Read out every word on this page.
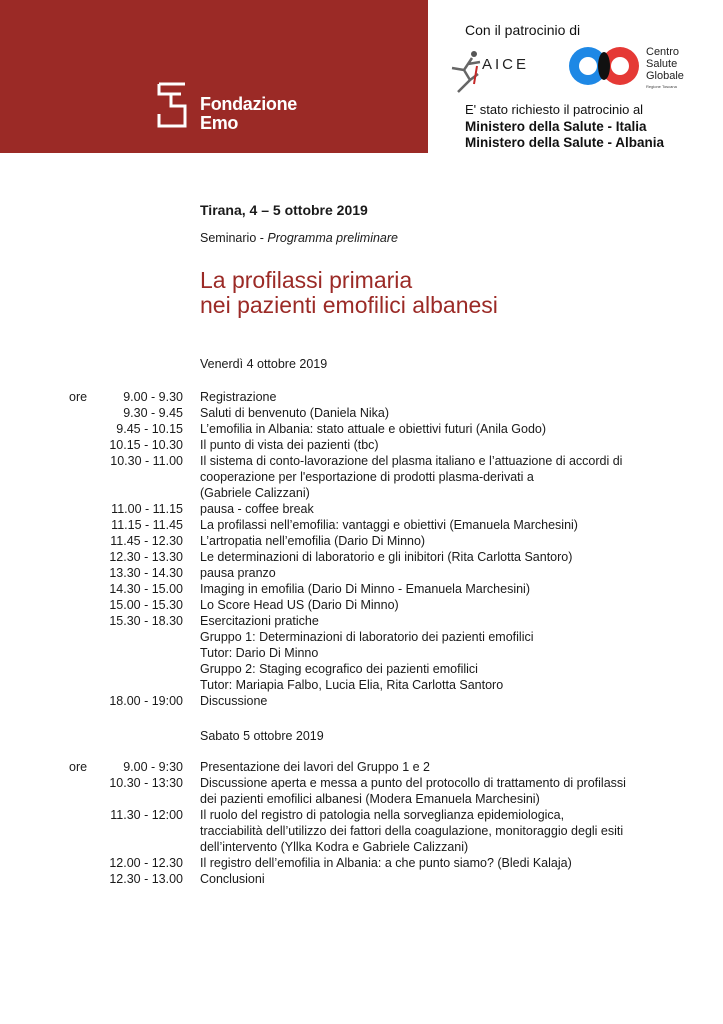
Fondazione
Emo
Con il patrocinio di
AICE
Centro
Salute
Globale
Regione Toscana
E' stato richiesto il patrocinio al
Ministero della Salute - Italia
Ministero della Salute - Albania
Tirana, 4 – 5 ottobre 2019
Seminario - Programma preliminare
La profilassi primaria
nei pazienti emofilici albanesi
Venerdì 4 ottobre 2019
ore	9.00 - 9.30 Registrazione
9.30 - 9.45 Saluti di benvenuto (Daniela Nika)
9.45 - 10.15 L’emofilia in Albania: stato attuale e obiettivi futuri (Anila Godo)
10.15 - 10.30 Il punto di vista dei pazienti (tbc)
10.30 - 11.00 Il sistema di conto-lavorazione del plasma italiano e l’attuazione di accordi di
cooperazione per l'esportazione di prodotti plasma-derivati a
(Gabriele Calizzani)
11.00 - 11.15 pausa - coffee break
11.15 - 11.45 La profilassi nell’emofilia: vantaggi e obiettivi (Emanuela Marchesini)
11.45 - 12.30 L’artropatia nell’emofilia (Dario Di Minno)
12.30 - 13.30 Le determinazioni di laboratorio e gli inibitori (Rita Carlotta Santoro)
13.30 - 14.30 pausa pranzo
14.30 - 15.00 Imaging in emofilia (Dario Di Minno - Emanuela Marchesini)
15.00 - 15.30 Lo Score Head US (Dario Di Minno)
15.30 - 18.30 Esercitazioni pratiche
Gruppo 1: Determinazioni di laboratorio dei pazienti emofilici
Tutor: Dario Di Minno
Gruppo 2: Staging ecografico dei pazienti emofilici
Tutor: Mariapia Falbo, Lucia Elia, Rita Carlotta Santoro
18.00 - 19:00 Discussione
Sabato 5 ottobre 2019
ore	9.00 - 9:30 Presentazione dei lavori del Gruppo 1 e 2
10.30 - 13:30 Discussione aperta e messa a punto del protocollo di trattamento di profilassi
dei pazienti emofilici albanesi (Modera Emanuela Marchesini)
11.30 - 12:00 Il ruolo del registro di patologia nella sorveglianza epidemiologica,
tracciabilità dell’utilizzo dei fattori della coagulazione, monitoraggio degli esiti
dell’intervento (Yllka Kodra e Gabriele Calizzani)
12.00 - 12.30 Il registro dell’emofilia in Albania: a che punto siamo? (Bledi Kalaja)
12.30 - 13.00 Conclusioni
